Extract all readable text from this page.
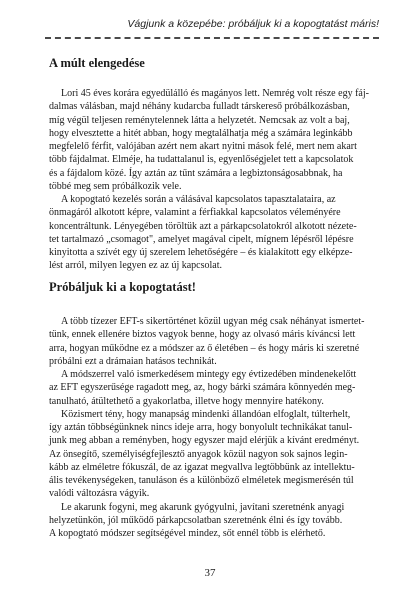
Vágjunk a közepébe: próbáljuk ki a kopogtatást máris!
A múlt elengedése

Lori 45 éves korára egyedülálló és magányos lett. Nemrég volt része egy fáj-
dalmas válásban, majd néhány kudarcba fulladt társkereső próbálkozásban,
míg végül teljesen reménytelennek látta a helyzetét. Nemcsak az volt a baj,
hogy elvesztette a hitét abban, hogy megtalálhatja még a számára leginkább
megfelelő férfit, valójában azért nem akart nyitni mások felé, mert nem akart
több fájdalmat. Elméje, ha tudattalanul is, egyenlőségjelet tett a kapcsolatok
és a fájdalom közé. Így aztán az tűnt számára a legbiztonságosabbnak, ha
többé meg sem próbálkozik vele.

A kopogtató kezelés során a válásával kapcsolatos tapasztalataira, az
önmagáról alkotott képre, valamint a férfiakkal kapcsolatos véleményére
koncentráltunk. Lényegében töröltük azt a párkapcsolatokról alkotott nézete-
tet tartalmazó „csomagot", amelyet magával cipelt, mígnem lépésről lépésre
kinyitotta a szívét egy új szerelem lehetőségére – és kialakított egy elképze-
lést arról, milyen legyen ez az új kapcsolat.

Próbáljuk ki a kopogtatást!

A több tízezer EFT-s sikertörténet közül ugyan még csak néhányat ismertet-
tünk, ennek ellenére biztos vagyok benne, hogy az olvasó máris kíváncsi lett
arra, hogyan működne ez a módszer az ő életében – és hogy máris ki szeretné
próbálni ezt a drámaian hatásos technikát.

A módszerrel való ismerkedésem mintegy egy évtizedében mindenekelőtt
az EFT egyszerűsége ragadott meg, az, hogy bárki számára könnyedén meg-
tanulható, átültethető a gyakorlatba, illetve hogy mennyire hatékony.

Közismert tény, hogy manapság mindenki állandóan elfoglalt, túlterhelt,
így aztán többségünknek nincs ideje arra, hogy bonyolult technikákat tanul-
junk meg abban a reményben, hogy egyszer majd elérjük a kívánt eredményt.
Az önsegítő, személyiségfejlesztő anyagok közül nagyon sok sajnos legin-
kább az elméletre fókuszál, de az igazat megvallva legtöbbünk az intellektu-
ális tevékenységeken, tanuláson és a különböző elméletek megismerésén túl
valódi változásra vágyik.

Le akarunk fogyni, meg akarunk gyógyulni, javítani szeretnénk anyagi
helyzetünkön, jól működő párkapcsolatban szeretnénk élni és így tovább.
A kopogtató módszer segítségével mindez, sőt ennél több is elérhető.

37
